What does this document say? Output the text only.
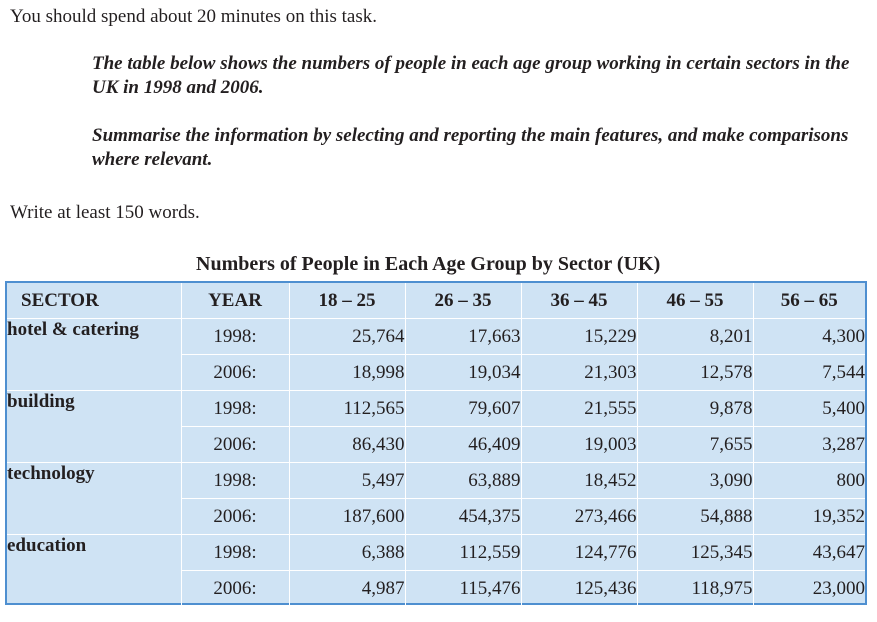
You should spend about 20 minutes on this task.

The table below shows the numbers of people in each age group working in certain sectors in the UK in 1998 and 2006.

Summarise the information by selecting and reporting the main features, and make comparisons where relevant.

Write at least 150 words.
Numbers of People in Each Age Group by Sector (UK)
SECTOR	YEAR	18 – 25	26 – 35	36 – 45	46 – 55	56 – 65
hotel & catering	1998:	25,764	17,663	15,229	8,201	4,300
	2006:	18,998	19,034	21,303	12,578	7,544
building	1998:	112,565	79,607	21,555	9,878	5,400
	2006:	86,430	46,409	19,003	7,655	3,287
technology	1998:	5,497	63,889	18,452	3,090	800
	2006:	187,600	454,375	273,466	54,888	19,352
education	1998:	6,388	112,559	124,776	125,345	43,647
	2006:	4,987	115,476	125,436	118,975	23,000
